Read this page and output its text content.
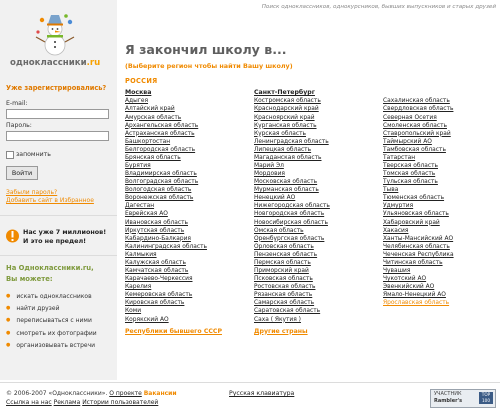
Поиск одноклассников, однокурсников, бывших выпускников и старых друзей
одноклассники.ru
Уже зарегистрировались?
E-mail:
Пароль:
запомнить
Войти
Забыли пароль?
Добавить сайт в Избранное
Нас уже 7 миллионов!
И это не предел!
На Одноклассники.ru,
Вы можете:
● искать одноклассников
● найти друзей
● переписываться с ними
● смотреть их фотографии
● организовывать встречи
Я закончил школу в...
(Выберите регион чтобы найти Вашу школу)
РОССИЯ
Москва
Адыгея
Алтайский край
Амурская область
Архангельская область
Астраханская область
Башкортостан
Белгородская область
Брянская область
Бурятия
Владимирская область
Волгоградская область
Вологодская область
Воронежская область
Дагестан
Еврейская АО
Ивановская область
Иркутская область
Кабардино-Балкария
Калининградская область
Калмыкия
Калужская область
Камчатская область
Карачаево-Черкессия
Карелия
Кемеровская область
Кировская область
Коми
Корякский АО
Республики бывшего СССР
Санкт-Петербург
Костромская область
Краснодарский край
Красноярский край
Курганская область
Курская область
Ленинградская область
Липецкая область
Магаданская область
Марий Эл
Мордовия
Московская область
Мурманская область
Ненецкий АО
Нижегородская область
Новгородская область
Новосибирская область
Омская область
Оренбургская область
Орловская область
Пензенская область
Пермская область
Приморский край
Псковская область
Ростовская область
Рязанская область
Самарская область
Саратовская область
Саха ( Якутия )
Другие страны
Сахалинская область
Свердловская область
Северная Осетия
Смоленская область
Ставропольский край
Таймырский АО
Тамбовская область
Татарстан
Тверская область
Томская область
Тульская область
Тыва
Тюменская область
Удмуртия
Ульяновская область
Хабаровский край
Хакасия
Ханты-Мансийский АО
Челябинская область
Чеченская Республика
Читинская область
Чувашия
Чукотский АО
Эвенкийский АО
Ямало-Ненецкий АО
Ярославская область
© 2006-2007 «Одноклассники». О проекте Вакансии
Ссылка на нас Реклама Истории пользователей
Русская клавиатура	УЧАСТНИК
Rambler's
TOP 100
